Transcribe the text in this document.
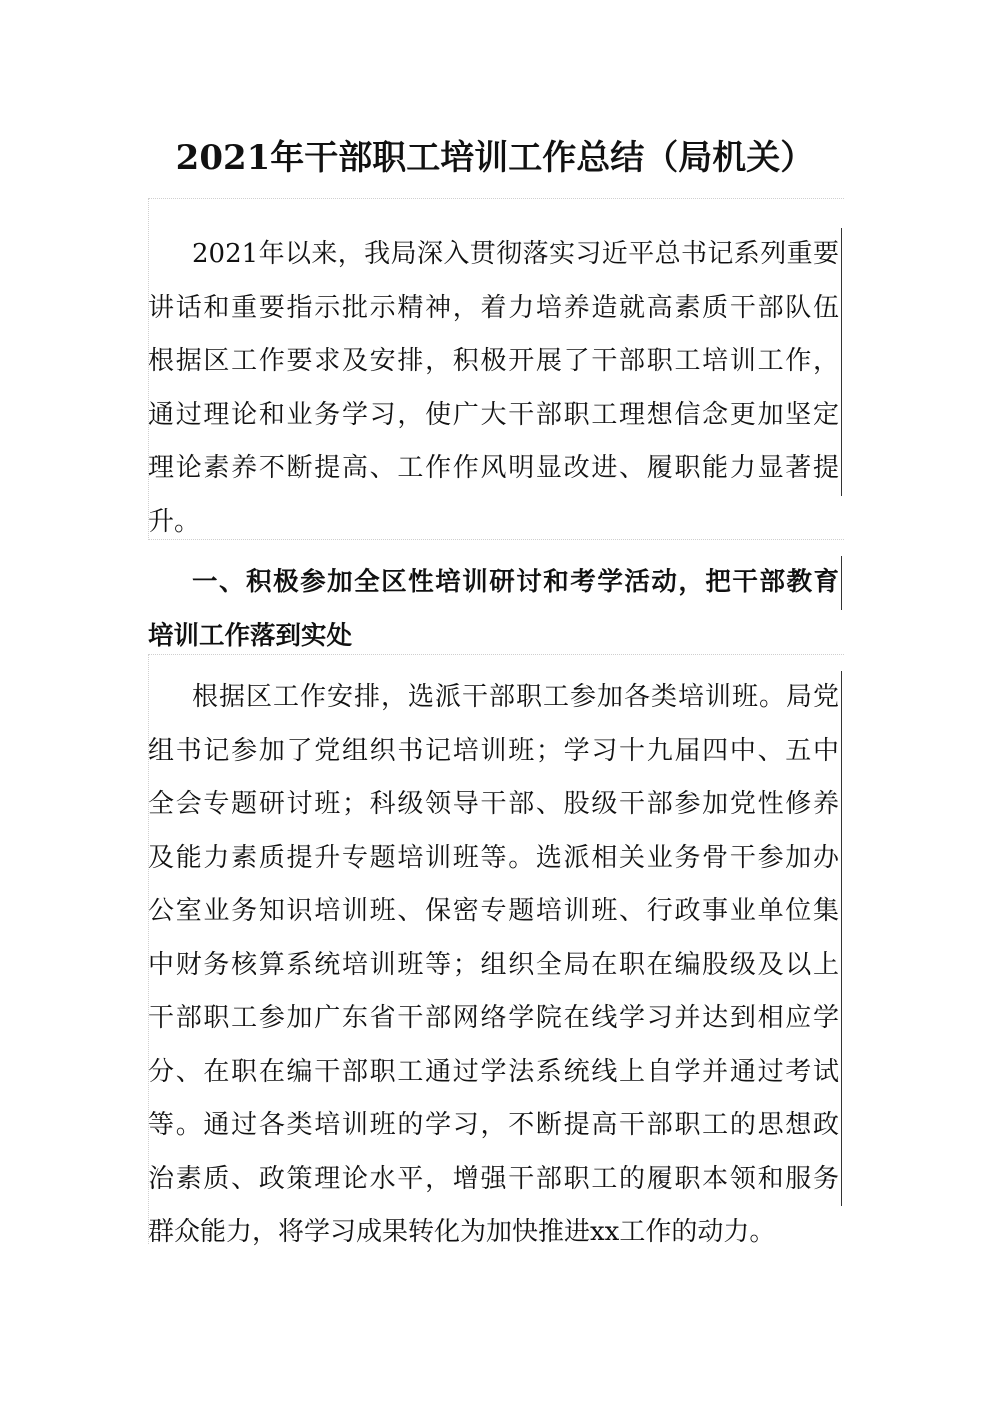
2021年干部职工培训工作总结（局机关）
2021年以来，我局深入贯彻落实习近平总书记系列重要
讲话和重要指示批示精神，着力培养造就高素质干部队伍
根据区工作要求及安排，积极开展了干部职工培训工作，
通过理论和业务学习，使广大干部职工理想信念更加坚定
理论素养不断提高、工作作风明显改进、履职能力显著提
升。
一、积极参加全区性培训研讨和考学活动，把干部教育
培训工作落到实处
根据区工作安排，选派干部职工参加各类培训班。局党
组书记参加了党组织书记培训班；学习十九届四中、五中
全会专题研讨班；科级领导干部、股级干部参加党性修养
及能力素质提升专题培训班等。选派相关业务骨干参加办
公室业务知识培训班、保密专题培训班、行政事业单位集
中财务核算系统培训班等；组织全局在职在编股级及以上
干部职工参加广东省干部网络学院在线学习并达到相应学
分、在职在编干部职工通过学法系统线上自学并通过考试
等。通过各类培训班的学习，不断提高干部职工的思想政
治素质、政策理论水平，增强干部职工的履职本领和服务
群众能力，将学习成果转化为加快推进xx工作的动力。
